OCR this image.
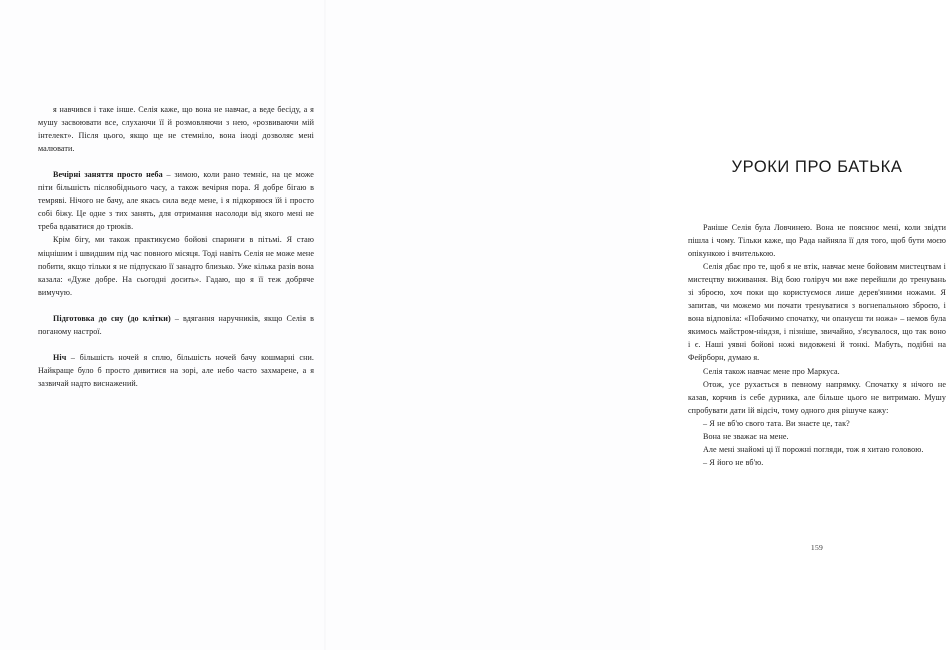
я навчився і таке інше. Селія каже, що вона не навчає, а веде бесіду, а я мушу засвоювати все, слухаючи її й розмовляючи з нею, «розвиваючи мій інтелект». Після цього, якщо ще не стемніло, вона іноді дозволяє мені малювати.

Вечірні заняття просто неба – зимою, коли рано темніє, на це може піти більшість післяобіднього часу, а також вечірня пора. Я добре бігаю в темряві. Нічого не бачу, але якась сила веде мене, і я підкоряюся їй і просто собі біжу. Це одне з тих занять, для отримання насолоди від якого мені не треба вдаватися до трюків.

Крім бігу, ми також практикуємо бойові спаринги в пітьмі. Я стаю міцнішим і швидшим під час повного місяця. Тоді навіть Селія не може мене побити, якщо тільки я не підпускаю її занадто близько. Уже кілька разів вона казала: «Дуже добре. На сьогодні досить». Гадаю, що я її теж добряче вимучую.

Підготовка до сну (до клітки) – вдягання наручників, якщо Селія в поганому настрої.

Ніч – більшість ночей я сплю, більшість ночей бачу кошмарні сни. Найкраще було б просто дивитися на зорі, але небо часто захмарене, а я зазвичай надто виснажений.

УРОКИ ПРО БАТЬКА

Раніше Селія була Ловчинею. Вона не пояснює мені, коли звідти пішла і чому. Тільки каже, що Рада найняла її для того, щоб бути моєю опікункою і вчителькою.

Селія дбає про те, щоб я не втік, навчає мене бойовим мистецтвам і мистецтву виживання. Від бою голіруч ми вже перейшли до тренувань зі зброєю, хоч поки що користуємося лише дерев'яними ножами. Я запитав, чи можемо ми почати тренуватися з вогнепальною зброєю, і вона відповіла: «Побачимо спочатку, чи опануєш ти ножа» – немов була якимось майстром-ніндзя, і пізніше, звичайно, з'ясувалося, що так воно і є. Наші уявні бойові ножі видовжені й тонкі. Мабуть, подібні на Фейрборн, думаю я.

Селія також навчає мене про Маркуса.

Отож, усе рухається в певному напрямку. Спочатку я нічого не казав, корчив із себе дурника, але більше цього не витримаю. Мушу спробувати дати їй відсіч, тому одного дня рішуче кажу:

– Я не вб'ю свого тата. Ви знаєте це, так?

Вона не зважає на мене.

Але мені знайомі ці її порожні погляди, тож я хитаю головою.

– Я його не вб'ю.

159
